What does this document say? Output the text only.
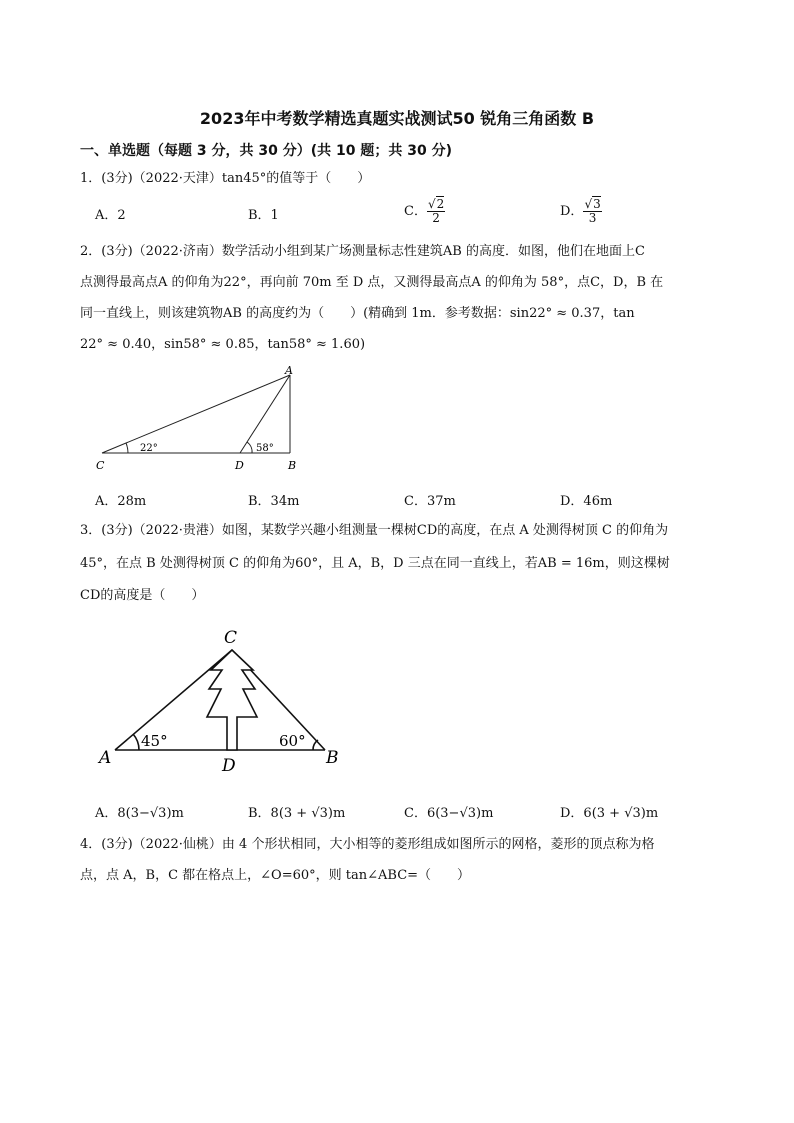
2023年中考数学精选真题实战测试50 锐角三角函数 B
一、单选题（每题 3 分，共 30 分）(共 10 题；共 30 分)
1．(3分)（2022·天津）tan45°的值等于（　　）
A．2	B．1	C． $\frac{√2}{2}$	D． $\frac{√3}{3}$
2．(3分)（2022·济南）数学活动小组到某广场测量标志性建筑AB 的高度．如图，他们在地面上C
点测得最高点A 的仰角为22°，再向前 70m 至 D 点，又测得最高点A 的仰角为 58°，点C，D，B 在
同一直线上，则该建筑物AB 的高度约为（　　）(精确到 1m．参考数据：sin22° ≈ 0.37，tan
22° ≈ 0.40，sin58° ≈ 0.85，tan58° ≈ 1.60)
A
B
C	D
22°	58°
A．28m	B．34m	C．37m	D．46m
3．(3分)（2022·贵港）如图，某数学兴趣小组测量一棵树CD的高度，在点 A 处测得树顶 C 的仰角为
45°，在点 B 处测得树顶 C 的仰角为60°，且 A，B，D 三点在同一直线上，若AB = 16m，则这棵树
CD的高度是（　　）
C
A	B
D
45°	60°
A．8(3−√3)m	B．8(3 + √3)m	C．6(3−√3)m	D．6(3 + √3)m
4．(3分)（2022·仙桃）由 4 个形状相同，大小相等的菱形组成如图所示的网格，菱形的顶点称为格
点，点 A，B，C 都在格点上，∠O=60°，则 tan∠ABC=（　　）
